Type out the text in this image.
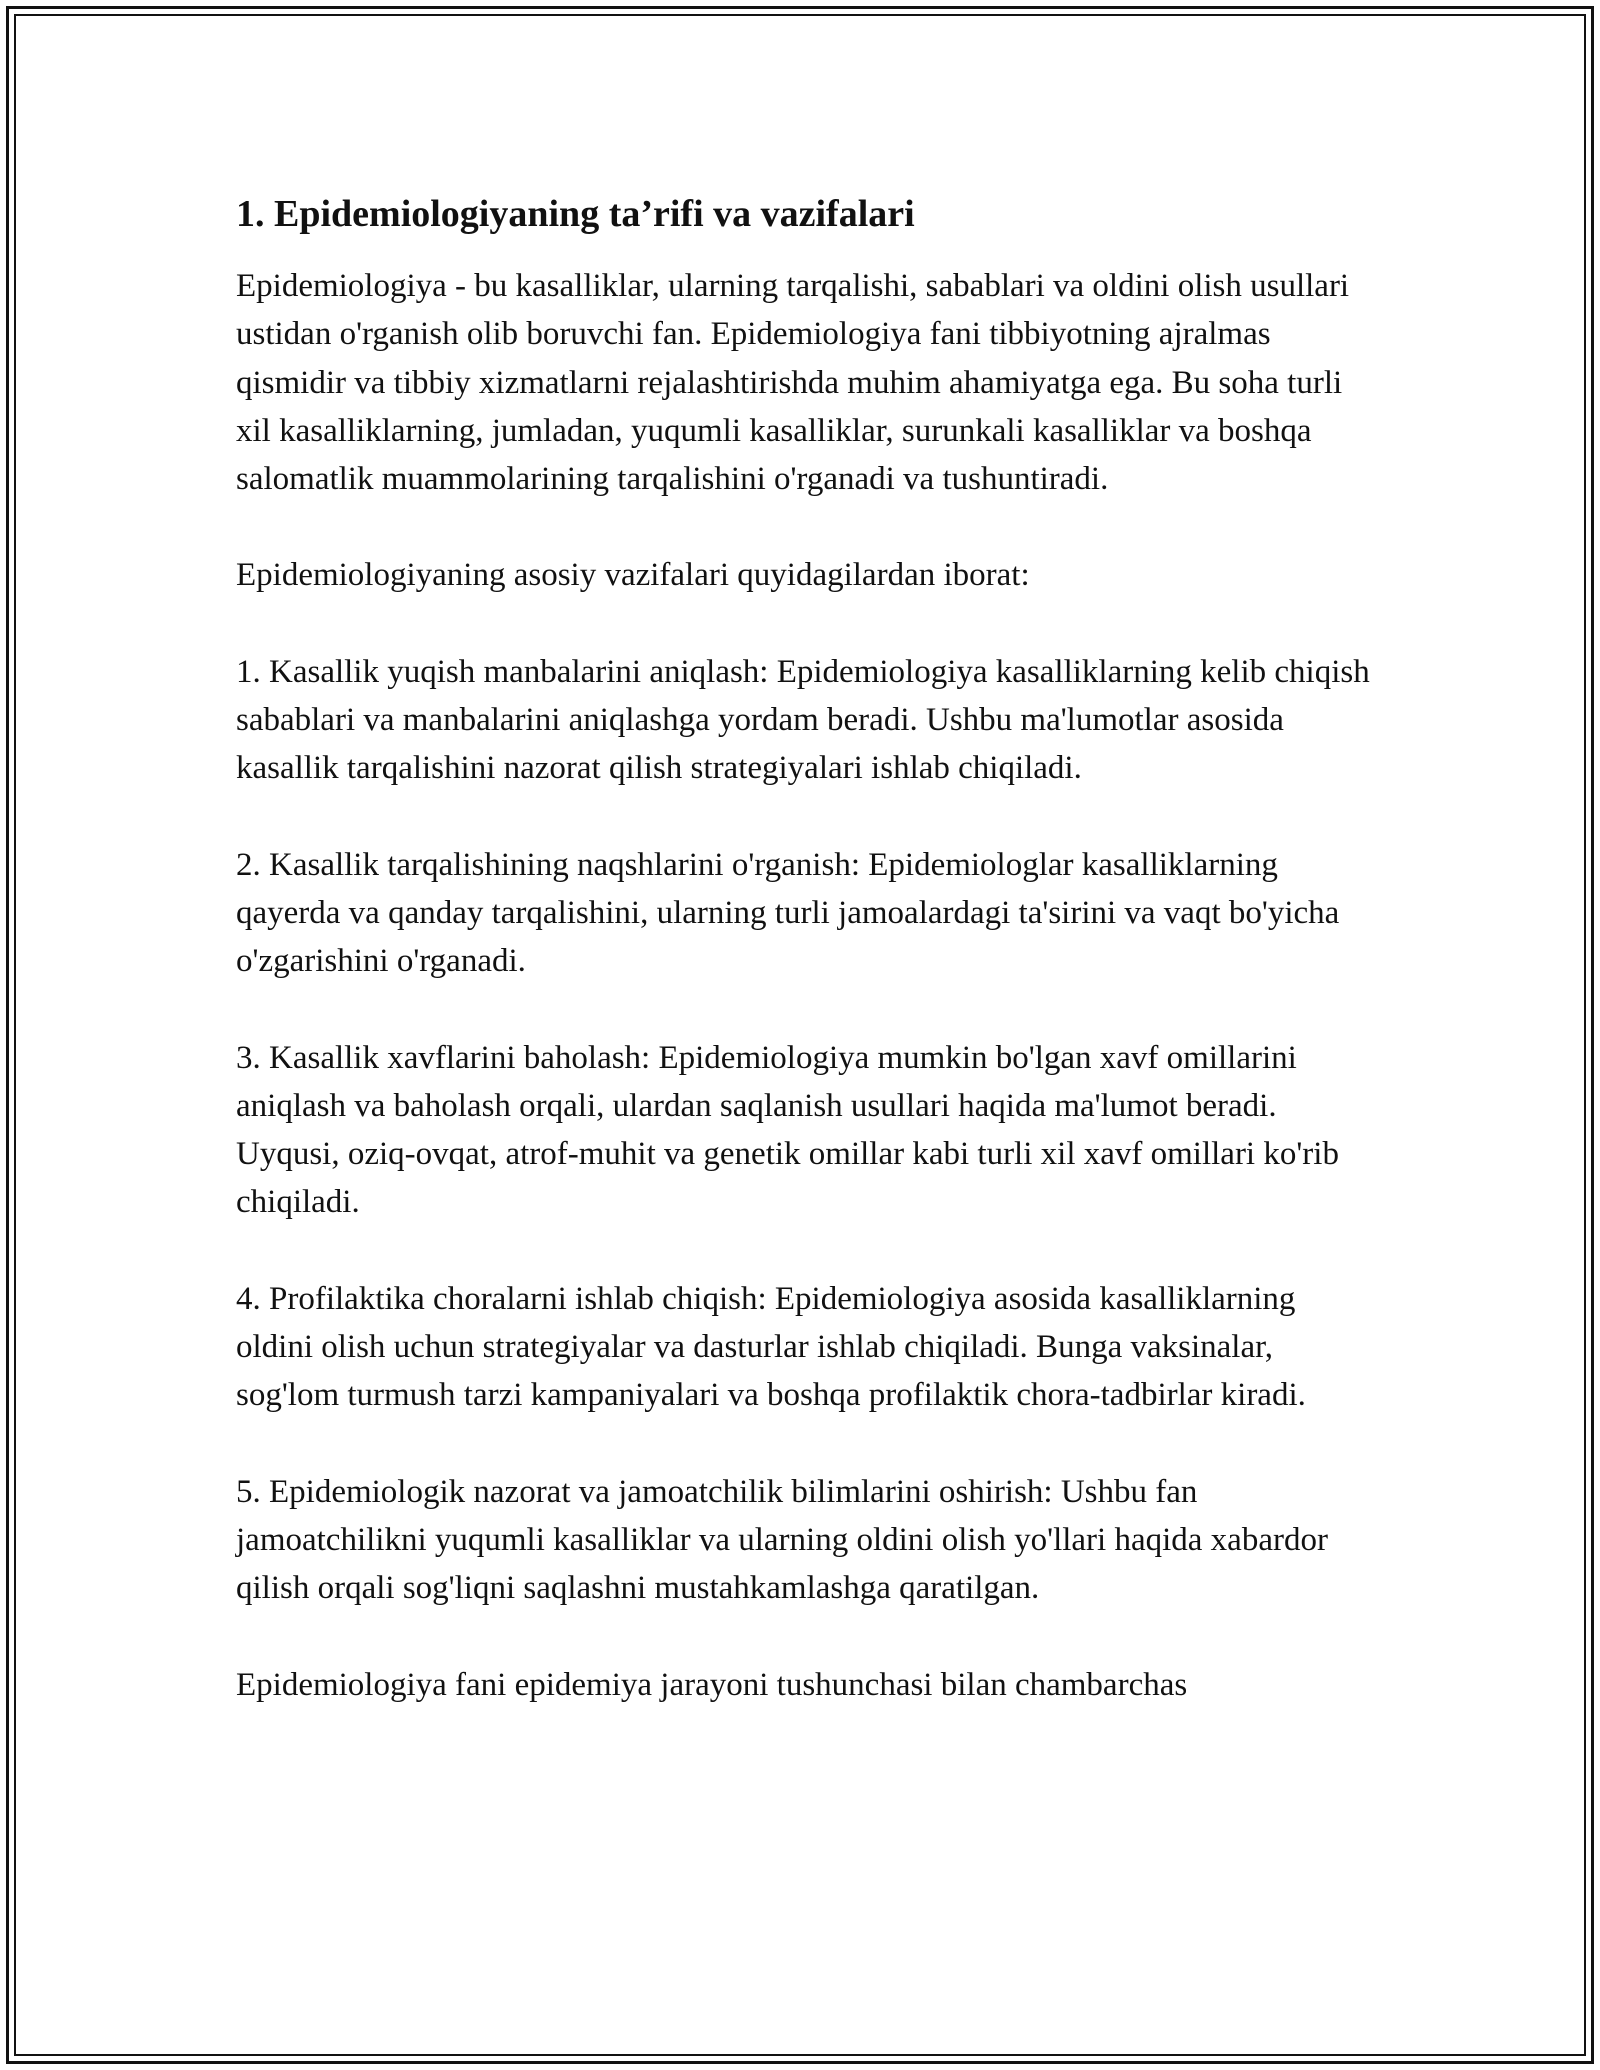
1. Epidemiologiyaning ta’rifi va vazifalari

Epidemiologiya - bu kasalliklar, ularning tarqalishi, sabablari va oldini olish usullari ustidan o'rganish olib boruvchi fan. Epidemiologiya fani tibbiyotning ajralmas qismidir va tibbiy xizmatlarni rejalashtirishda muhim ahamiyatga ega. Bu soha turli xil kasalliklarning, jumladan, yuqumli kasalliklar, surunkali kasalliklar va boshqa salomatlik muammolarining tarqalishini o'rganadi va tushuntiradi.

Epidemiologiyaning asosiy vazifalari quyidagilardan iborat:

1. Kasallik yuqish manbalarini aniqlash: Epidemiologiya kasalliklarning kelib chiqish sabablari va manbalarini aniqlashga yordam beradi. Ushbu ma'lumotlar asosida kasallik tarqalishini nazorat qilish strategiyalari ishlab chiqiladi.

2. Kasallik tarqalishining naqshlarini o'rganish: Epidemiologlar kasalliklarning qayerda va qanday tarqalishini, ularning turli jamoalardagi ta'sirini va vaqt bo'yicha o'zgarishini o'rganadi.

3. Kasallik xavflarini baholash: Epidemiologiya mumkin bo'lgan xavf omillarini aniqlash va baholash orqali, ulardan saqlanish usullari haqida ma'lumot beradi. Uyqusi, oziq-ovqat, atrof-muhit va genetik omillar kabi turli xil xavf omillari ko'rib chiqiladi.

4. Profilaktika choralarni ishlab chiqish: Epidemiologiya asosida kasalliklarning oldini olish uchun strategiyalar va dasturlar ishlab chiqiladi. Bunga vaksinalar, sog'lom turmush tarzi kampaniyalari va boshqa profilaktik chora-tadbirlar kiradi.

5. Epidemiologik nazorat va jamoatchilik bilimlarini oshirish: Ushbu fan jamoatchilikni yuqumli kasalliklar va ularning oldini olish yo'llari haqida xabardor qilish orqali sog'liqni saqlashni mustahkamlashga qaratilgan.

Epidemiologiya fani epidemiya jarayoni tushunchasi bilan chambarchas
